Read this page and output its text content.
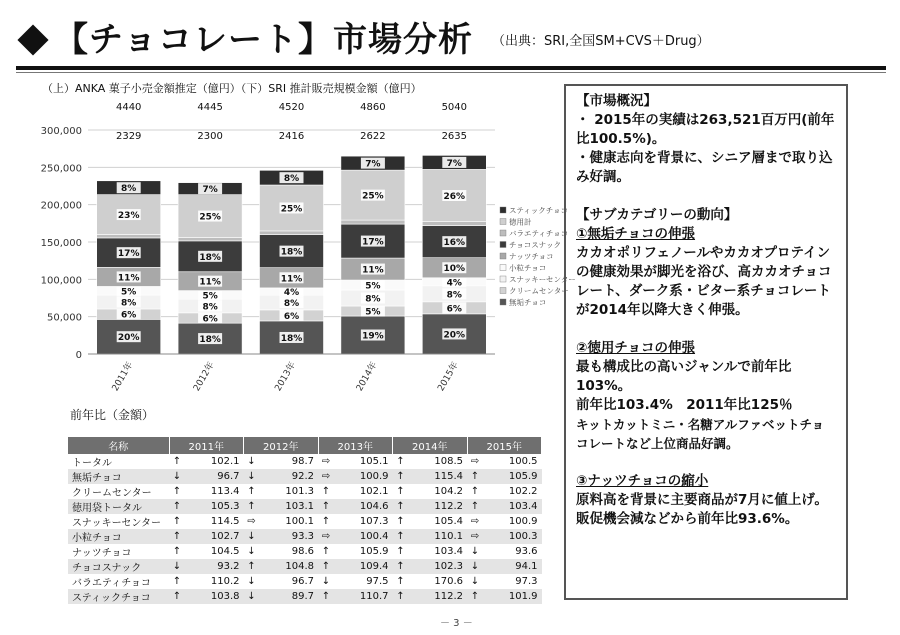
【チョコレート】市場分析 （出典：SRI,全国SM+CVS＋Drug）
（上）ANKA 菓子小売金額推定（億円）（下）SRI 推計販売規模金額（億円）
0
50,000
100,000
150,000
200,000
250,000
300,000
20%
6%
8%
5%
11%
17%
23%
8%
4440
2329
2011年
18%
6%
8%
5%
11%
18%
25%
7%
4445
2300
2012年
18%
6%
8%
4%
11%
18%
25%
8%
4520
2416
2013年
19%
5%
8%
5%
11%
17%
25%
7%
4860
2622
2014年
20%
6%
8%
4%
10%
16%
26%
7%
5040
2635
2015年
スティックチョコ
徳用計
バラエティチョコ
チョコスナック
ナッツチョコ
小粒チョコ
スナッキーセンター
クリームセンター
無垢チョコ
前年比（金額）
名称	2011年		2012年		2013年		2014年		2015年	
トータル	↑	102.1	↓	98.7	⇨	105.1	↑	108.5	⇨	100.5
無垢チョコ	↓	96.7	↓	92.2	⇨	100.9	↑	115.4	↑	105.9
クリームセンター	↑	113.4	↑	101.3	↑	102.1	↑	104.2	↑	102.2
徳用袋トータル	↑	105.3	↑	103.1	↑	104.6	↑	112.2	↑	103.4
スナッキーセンター	↑	114.5	⇨	100.1	↑	107.3	↑	105.4	⇨	100.9
小粒チョコ	↑	102.7	↓	93.3	⇨	100.4	↑	110.1	⇨	100.3
ナッツチョコ	↑	104.5	↓	98.6	↑	105.9	↑	103.4	↓	93.6
チョコスナック	↓	93.2	↑	104.8	↑	109.4	↑	102.3	↓	94.1
バラエティチョコ	↑	110.2	↓	96.7	↓	97.5	↑	170.6	↓	97.3
スティックチョコ	↑	103.8	↓	89.7	↑	110.7	↑	112.2	↑	101.9

【市場概況】

・ 2015年の実績は263,521百万円(前年比100.5%)。

・健康志向を背景に、シニア層まで取り込み好調。

【サブカテゴリーの動向】

①無垢チョコの伸張

カカオポリフェノールやカカオプロテインの健康効果が脚光を浴び、高カカオチョコレート、ダーク系・ビター系チョコレートが2014年以降大きく伸張。

②徳用チョコの伸張

最も構成比の高いジャンルで前年比103%。

前年比103.4%　2011年比125％

キットカットミニ・名糖アルファベットチョコレートなど上位商品好調。

③ナッツチョコの縮小

原料高を背景に主要商品が7月に値上げ。販促機会減などから前年比93.6%。

－ 3 －
